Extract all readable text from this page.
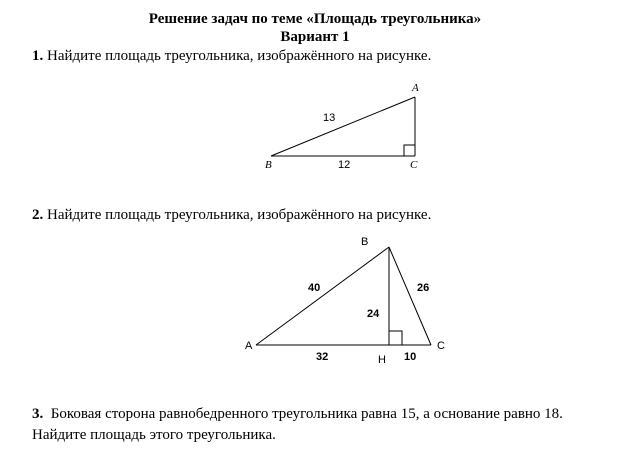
Решение задач по теме «Площадь треугольника»
Вариант 1
1. Найдите площадь треугольника, изображённого на рисунке.
2. Найдите площадь треугольника, изображённого на рисунке.
3. Боковая сторона равнобедренного треугольника равна 15, а основание равно 18.
Найдите площадь этого треугольника.
A
B	C
13
12
A
B
C
H
40	26
24
32	10
